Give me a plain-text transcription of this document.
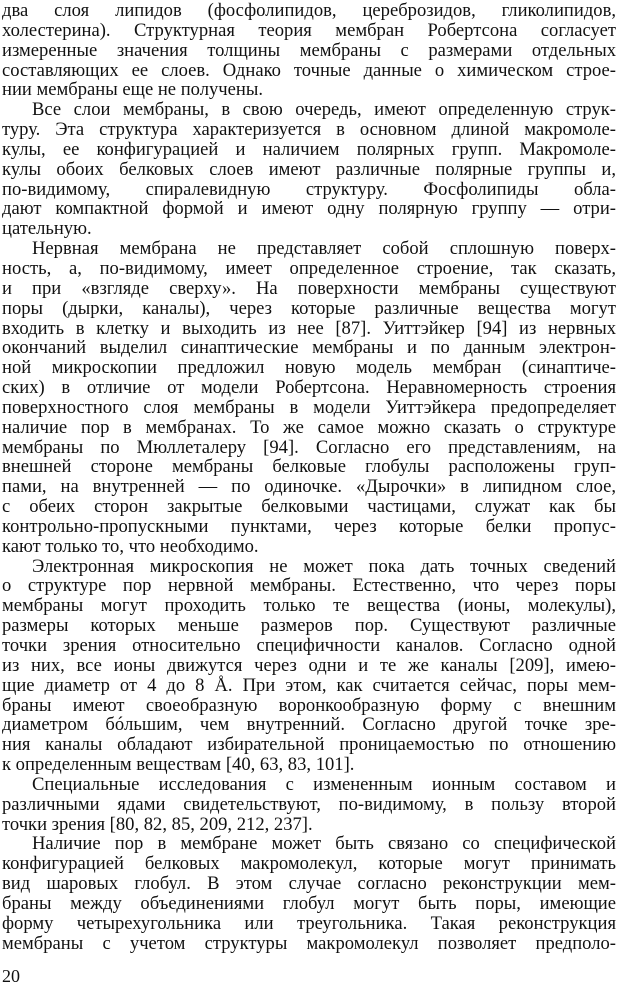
два слоя липидов (фосфолипидов, цереброзидов, гликолипидов,
холестерина). Структурная теория мембран Робертсона согласует
измеренные значения толщины мембраны с размерами отдельных
составляющих ее слоев. Однако точные данные о химическом строе-
нии мембраны еще не получены.
Все слои мембраны, в свою очередь, имеют определенную струк-
туру. Эта структура характеризуется в основном длиной макромоле-
кулы, ее конфигурацией и наличием полярных групп. Макромоле-
кулы обоих белковых слоев имеют различные полярные группы и,
по-видимому, спиралевидную структуру. Фосфолипиды обла-
дают компактной формой и имеют одну полярную группу — отри-
цательную.
Нервная мембрана не представляет собой сплошную поверх-
ность, а, по-видимому, имеет определенное строение, так сказать,
и при «взгляде сверху». На поверхности мембраны существуют
поры (дырки, каналы), через которые различные вещества могут
входить в клетку и выходить из нее [87]. Уиттэйкер [94] из нервных
окончаний выделил синаптические мембраны и по данным электрон-
ной микроскопии предложил новую модель мембран (синаптиче-
ских) в отличие от модели Робертсона. Неравномерность строения
поверхностного слоя мембраны в модели Уиттэйкера предопределяет
наличие пор в мембранах. То же самое можно сказать о структуре
мембраны по Мюллеталеру [94]. Согласно его представлениям, на
внешней стороне мембраны белковые глобулы расположены груп-
пами, на внутренней — по одиночке. «Дырочки» в липидном слое,
с обеих сторон закрытые белковыми частицами, служат как бы
контрольно-пропускными пунктами, через которые белки пропус-
кают только то, что необходимо.
Электронная микроскопия не может пока дать точных сведений
о структуре пор нервной мембраны. Естественно, что через поры
мембраны могут проходить только те вещества (ионы, молекулы),
размеры которых меньше размеров пор. Существуют различные
точки зрения относительно специфичности каналов. Согласно одной
из них, все ионы движутся через одни и те же каналы [209], имею-
щие диаметр от 4 до 8 Å. При этом, как считается сейчас, поры мем-
браны имеют своеобразную воронкообразную форму с внешним
диаметром бóльшим, чем внутренний. Согласно другой точке зре-
ния каналы обладают избирательной проницаемостью по отношению
к определенным веществам [40, 63, 83, 101].
Специальные исследования с измененным ионным составом и
различными ядами свидетельствуют, по-видимому, в пользу второй
точки зрения [80, 82, 85, 209, 212, 237].
Наличие пор в мембране может быть связано со специфической
конфигурацией белковых макромолекул, которые могут принимать
вид шаровых глобул. В этом случае согласно реконструкции мем-
браны между объединениями глобул могут быть поры, имеющие
форму четырехугольника или треугольника. Такая реконструкция
мембраны с учетом структуры макромолекул позволяет предполо-
20
